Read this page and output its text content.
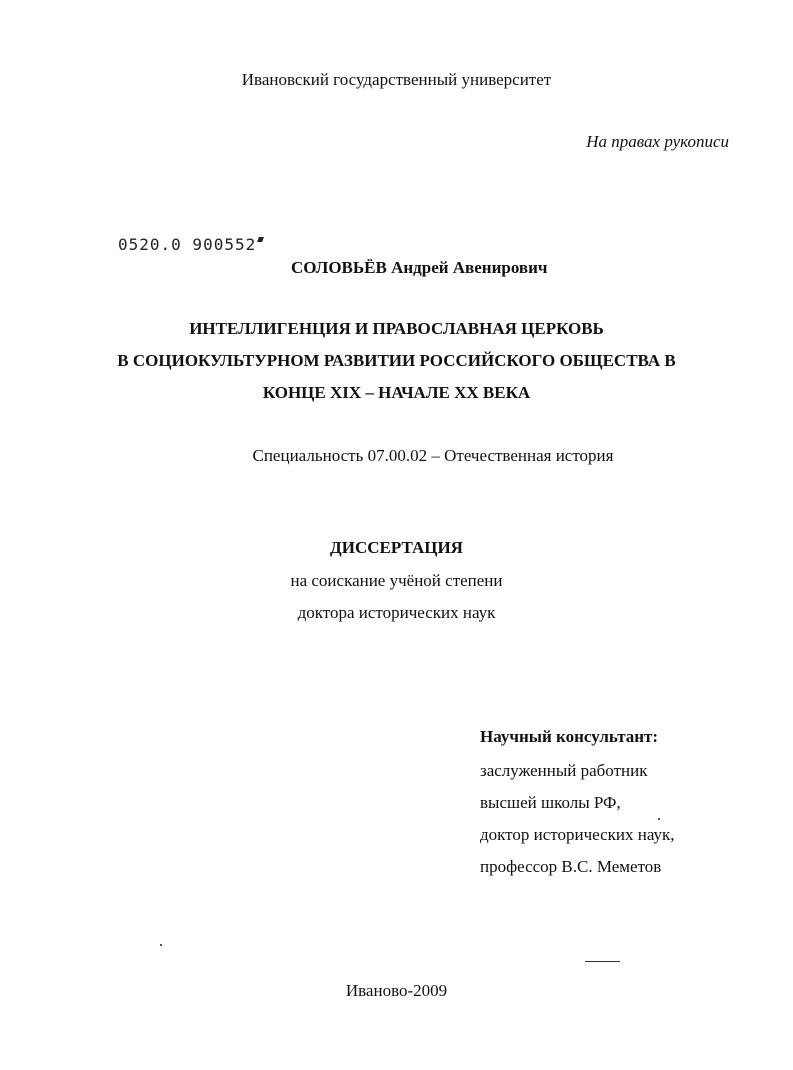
Ивановский государственный университет
На правах рукописи
0520.0 900552
СОЛОВЬЁВ Андрей Авенирович
ИНТЕЛЛИГЕНЦИЯ И ПРАВОСЛАВНАЯ ЦЕРКОВЬ
В СОЦИОКУЛЬТУРНОМ РАЗВИТИИ РОССИЙСКОГО ОБЩЕСТВА В
КОНЦЕ XIX – НАЧАЛЕ XX ВЕКА
Специальность 07.00.02 – Отечественная история
ДИССЕРТАЦИЯ
на соискание учёной степени
доктора исторических наук
Научный консультант:
заслуженный работник
высшей школы РФ,
доктор исторических наук,
профессор В.С. Меметов
Иваново-2009
